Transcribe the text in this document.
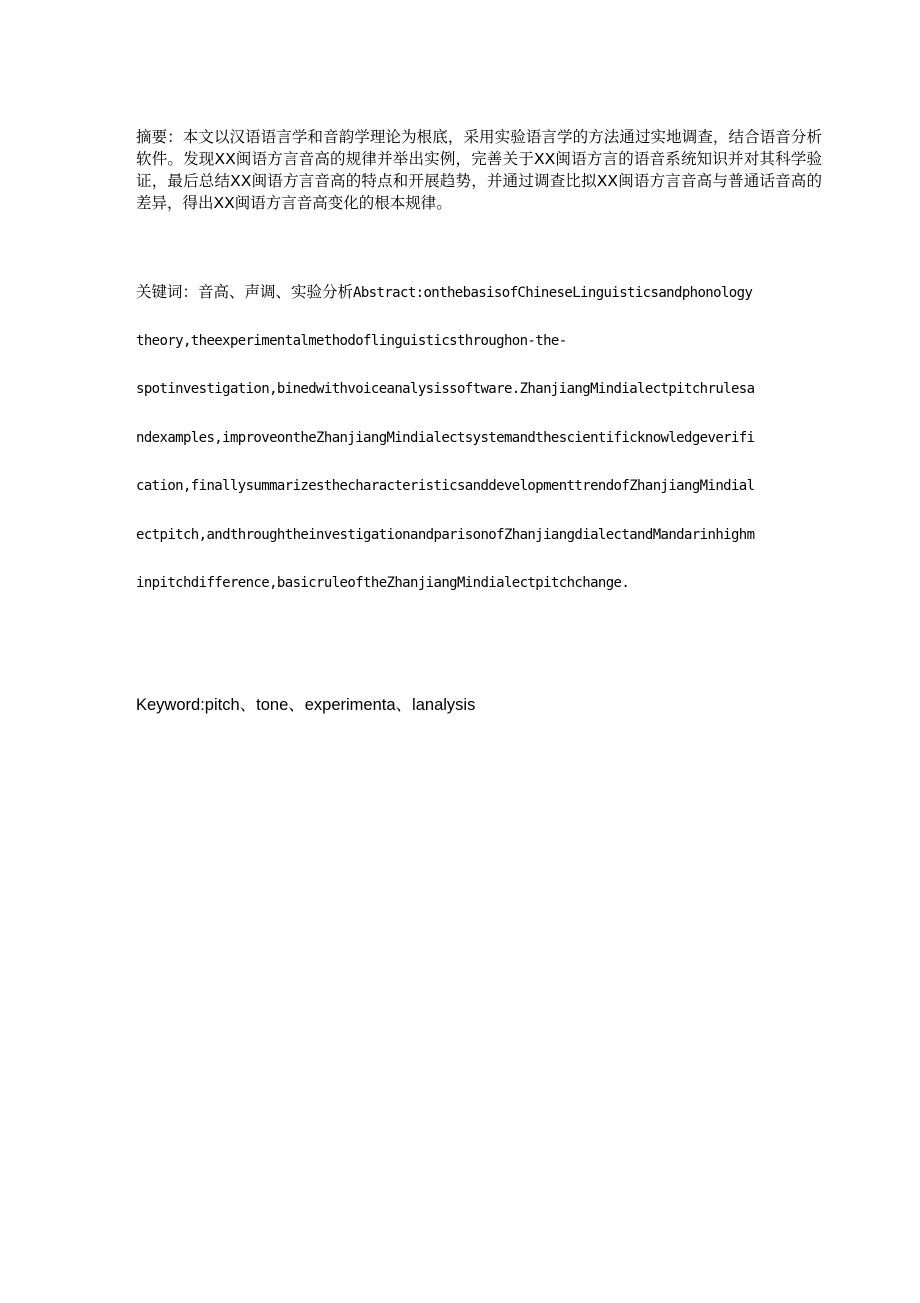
摘要：本文以汉语语言学和音韵学理论为根底，采用实验语言学的方法通过实地调查，结合语音分析软件。发现XX闽语方言音高的规律并举出实例，完善关于XX闽语方言的语音系统知识并对其科学验证，最后总结XX闽语方言音高的特点和开展趋势，并通过调查比拟XX闽语方言音高与普通话音高的差异，得出XX闽语方言音高变化的根本规律。

关键词：音高、声调、实验分析Abstract:onthebasisofChineseLinguisticsandphonology
theory,theexperimentalmethodoflinguisticsthroughon-the-
spotinvestigation,binedwithvoiceanalysissoftware.ZhanjiangMindialectpitchrulesa
ndexamples,improveontheZhanjiangMindialectsystemandthescientificknowledgeverifi
cation,finallysummarizesthecharacteristicsanddevelopmenttrendofZhanjiangMindial
ectpitch,andthroughtheinvestigationandparisonofZhanjiangdialectandMandarinhighm
inpitchdifference,basicruleoftheZhanjiangMindialectpitchchange.

Keyword:pitch、tone、experimenta、lanalysis
